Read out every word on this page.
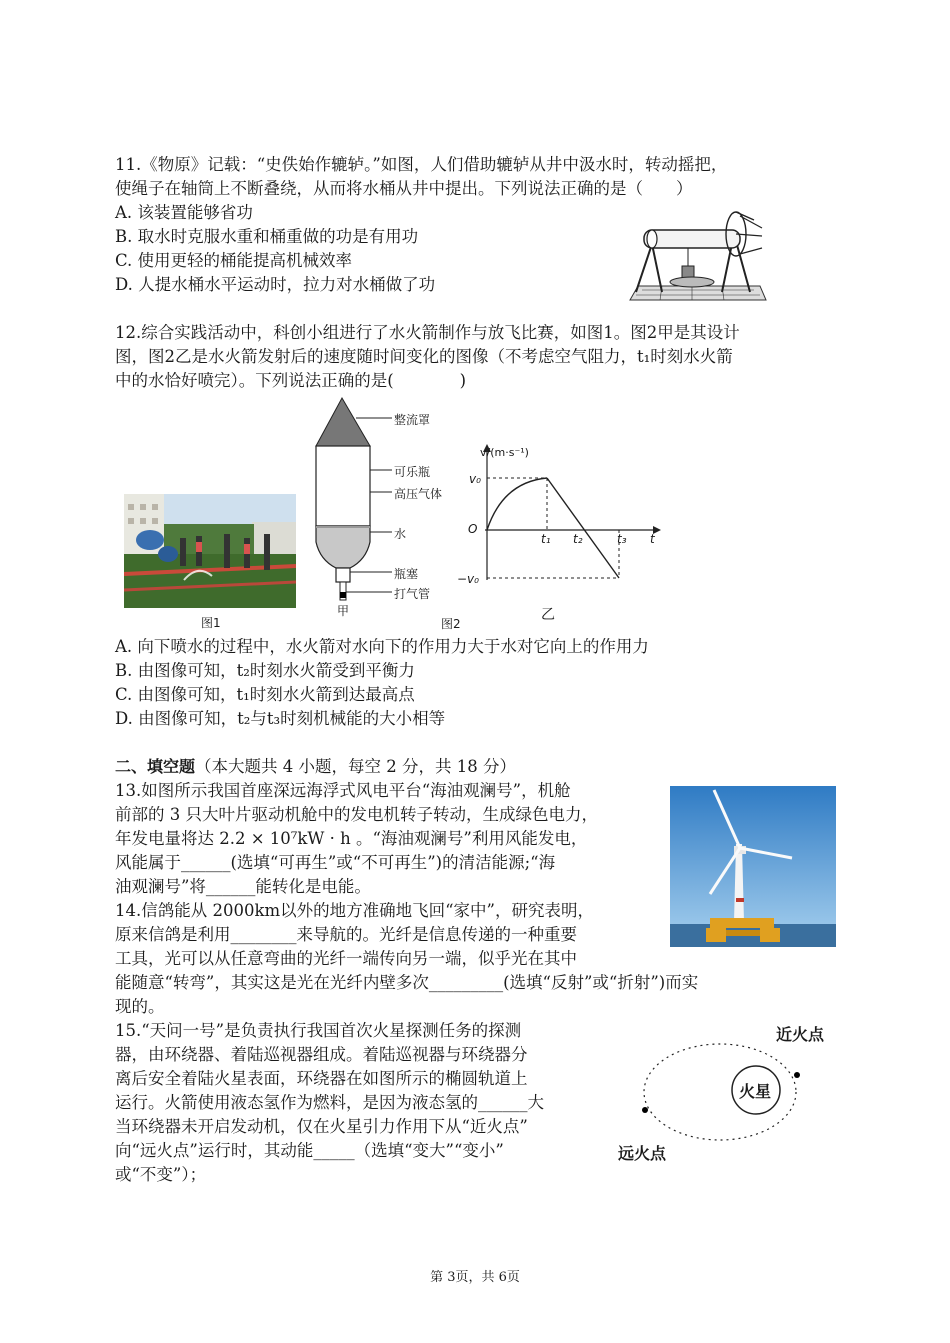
11.《物原》记载：“史佚始作辘轳。”如图，人们借助辘轳从井中汲水时，转动摇把，
使绳子在轴筒上不断叠绕，从而将水桶从井中提出。下列说法正确的是（　　）
A. 该装置能够省功
B. 取水时克服水重和桶重做的功是有用功
C. 使用更轻的桶能提高机械效率
D. 人提水桶水平运动时，拉力对水桶做了功
12.综合实践活动中，科创小组进行了水火箭制作与放飞比赛，如图1。图2甲是其设计
图，图2乙是水火箭发射后的速度随时间变化的图像（不考虑空气阻力，t₁时刻水火箭
中的水恰好喷完）。下列说法正确的是(　　　　)
图1
整流罩
可乐瓶
高压气体
水
瓶塞
打气管
甲
图2
v/(m·s⁻¹)
v₀
O
−v₀
t₁ t₂	t₃ t
乙
A. 向下喷水的过程中，水火箭对水向下的作用力大于水对它向上的作用力
B. 由图像可知，t₂时刻水火箭受到平衡力
C. 由图像可知，t₁时刻水火箭到达最高点
D. 由图像可知，t₂与t₃时刻机械能的大小相等
二、填空题（本大题共 4 小题，每空 2 分，共 18 分）
13.如图所示我国首座深远海浮式风电平台“海油观澜号”，机舱
前部的 3 只大叶片驱动机舱中的发电机转子转动，生成绿色电力，
年发电量将达 2.2 × 10⁷kW · h 。“海油观澜号”利用风能发电，
风能属于______(选填“可再生”或“不可再生”)的清洁能源;“海
油观澜号”将______能转化是电能。
14.信鸽能从 2000km以外的地方准确地飞回“家中”，研究表明，
原来信鸽是利用________来导航的。光纤是信息传递的一种重要
工具，光可以从任意弯曲的光纤一端传向另一端，似乎光在其中
能随意“转弯”，其实这是光在光纤内壁多次_________(选填“反射”或“折射”)而实
现的。
15.“天问一号”是负责执行我国首次火星探测任务的探测
器，由环绕器、着陆巡视器组成。着陆巡视器与环绕器分
离后安全着陆火星表面，环绕器在如图所示的椭圆轨道上
运行。火箭使用液态氢作为燃料，是因为液态氢的______大
当环绕器未开启发动机，仅在火星引力作用下从“近火点”
向“远火点”运行时，其动能_____（选填“变大”“变小”
或“不变”）；
火星
近火点
远火点
第 3页，共 6页
